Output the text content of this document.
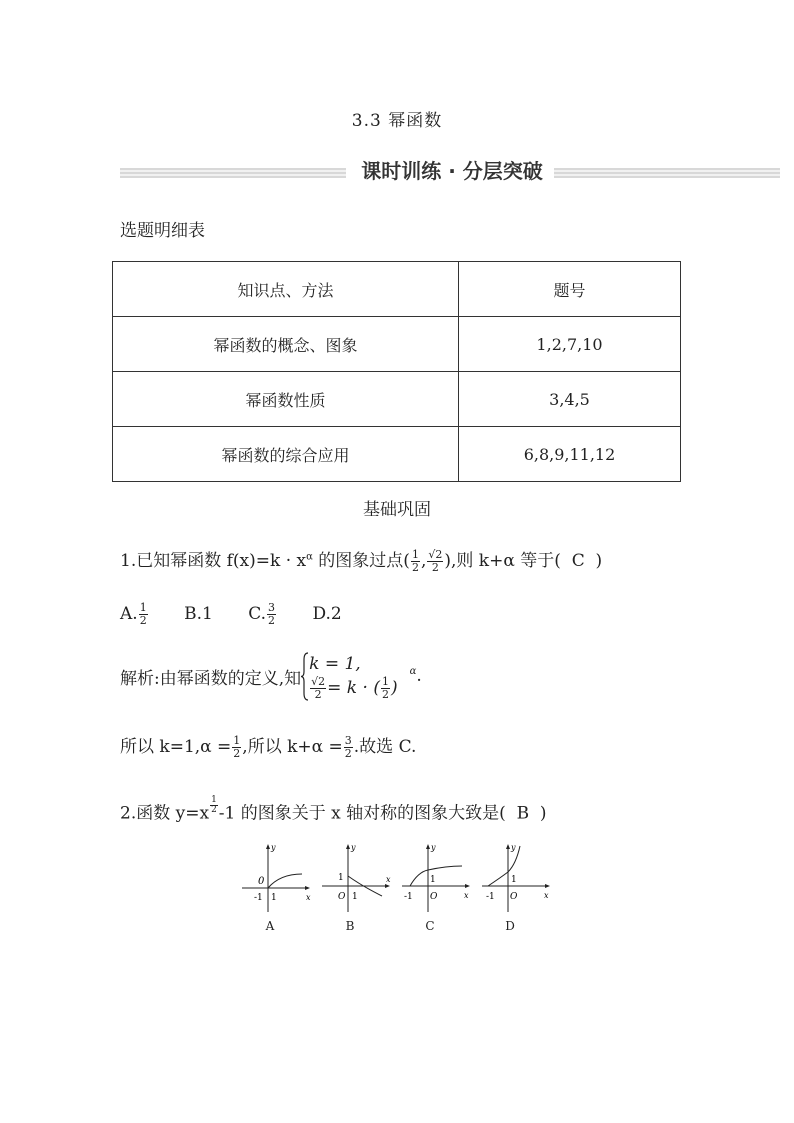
3.3 幂函数
课时训练 · 分层突破
选题明细表
知识点、方法	题号
幂函数的概念、图象	1,2,7,10
幂函数性质	3,4,5
幂函数的综合应用	6,8,9,11,12
基础巩固
1.已知幂函数 $f(x)=k \cdot x^\alpha$ 的图象过点( $\frac{1}{2}$ , $\frac{√2}{2}$ ),则 k+α 等于( C )
A. $\frac{1}{2} B.1$ C. $\frac{3}{2} D.2$
解析:由幂函数的定义,知
k = 1,
$\frac{√2}{2} = k$ · ( $\frac{1}{2}$ )
$^\alpha$.
所以 $k=1,\alpha = \frac{1}{2}$ ,所以 $k+\alpha = \frac{3}{2}$ .故选 C.
2.函数 $y=x \frac{1}{2} -1$ 的图象关于 x 轴对称的图象大致是( B )
y
x
0
-1 1
A
y
x
1
O 1
B
y
x
1
-1 O
C
y
x
1
-1 O
D
